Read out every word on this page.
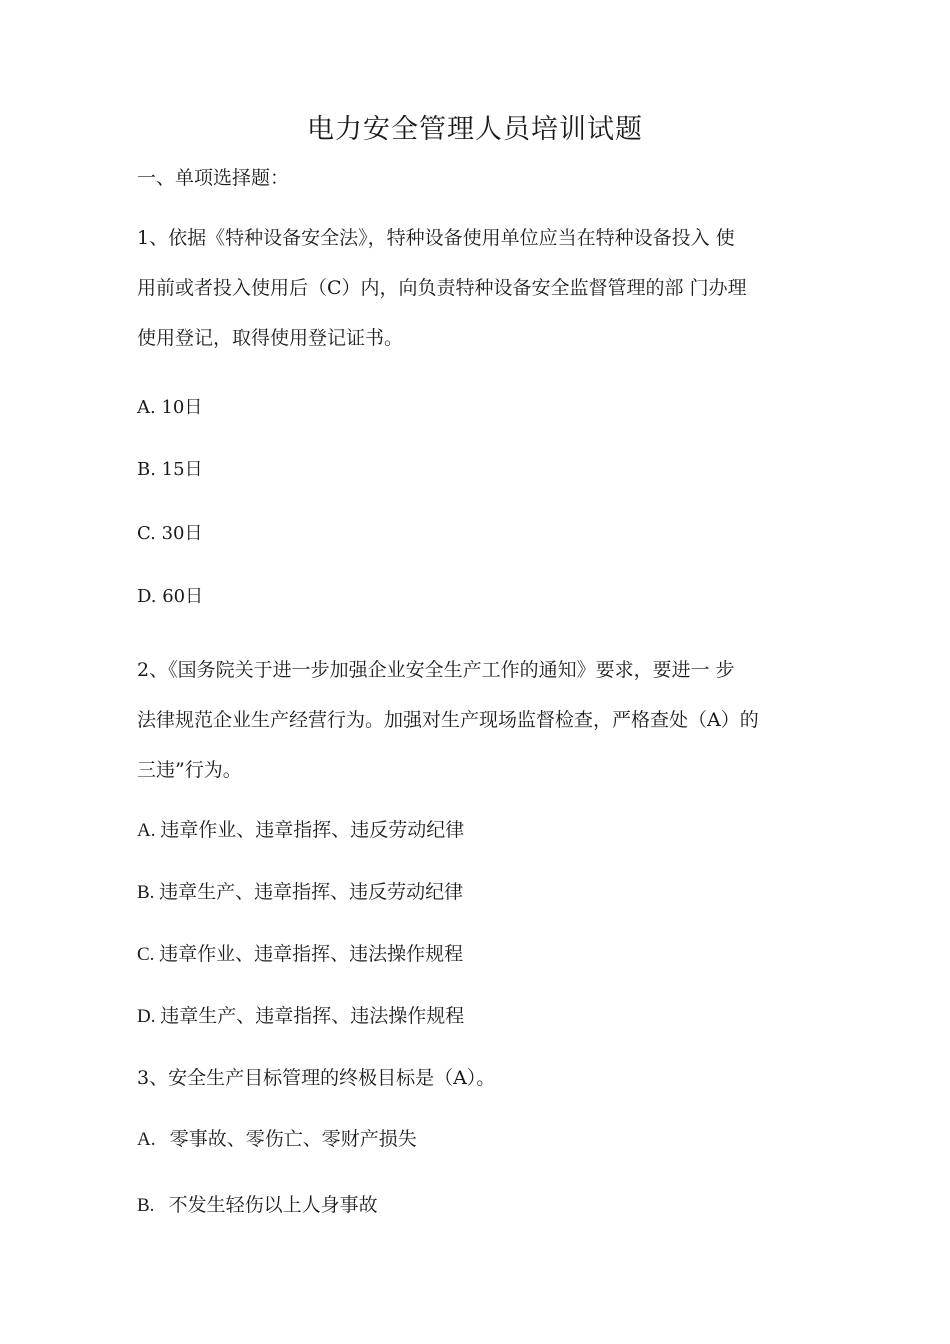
电力安全管理人员培训试题
一、单项选择题：
1、依据《特种设备安全法》，特种设备使用单位应当在特种设备投入 使
用前或者投入使用后（C）内，向负责特种设备安全监督管理的部 门办理
使用登记，取得使用登记证书。
A. 10日
B. 15日
C. 30日
D. 60日
2、《国务院关于进一步加强企业安全生产工作的通知》要求，要进一 步
法律规范企业生产经营行为。加强对生产现场监督检查，严格查处（A）的
三违”行为。
A. 违章作业、违章指挥、违反劳动纪律
B. 违章生产、违章指挥、违反劳动纪律
C. 违章作业、违章指挥、违法操作规程
D. 违章生产、违章指挥、违法操作规程
3、安全生产目标管理的终极目标是（A）。
A.   零事故、零伤亡、零财产损失
B.   不发生轻伤以上人身事故
